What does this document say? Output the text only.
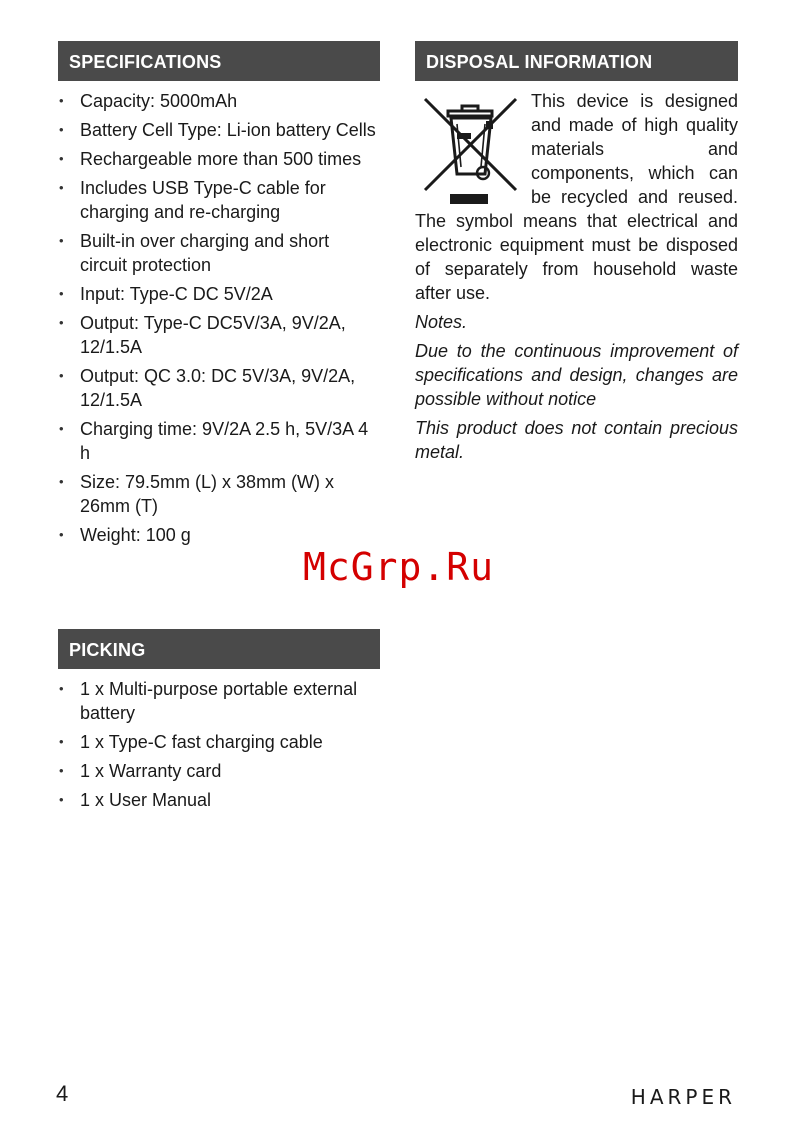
SPECIFICATIONS
• Capacity: 5000mAh
• Battery Cell Type: Li-ion battery Cells
• Rechargeable more than 500 times
• Includes USB Type-C cable for charging and re-charging
• Built-in over charging and short circuit protection
• Input: Type-C DC 5V/2A
• Output: Type-C DC5V/3A, 9V/2A, 12/1.5A
• Output: QC 3.0: DC 5V/3A, 9V/2A, 12/1.5A
• Charging time: 9V/2A 2.5 h, 5V/3A 4 h
• Size: 79.5mm (L) x 38mm (W) x 26mm (T)
• Weight: 100 g
PICKING
• 1 x Multi-purpose portable external battery
• 1 x Type-C fast charging cable
• 1 x Warranty card
• 1 x User Manual
DISPOSAL INFORMATION

This device is designed and made of high quality materials and components, which can be recycled and reused. The symbol means that electrical and electronic equipment must be disposed of separately from household waste after use.

Notes.

Due to the continuous improvement of specifications and design, changes are possible without notice

This product does not contain precious metal.

McGrp.Ru
4	HARPER
